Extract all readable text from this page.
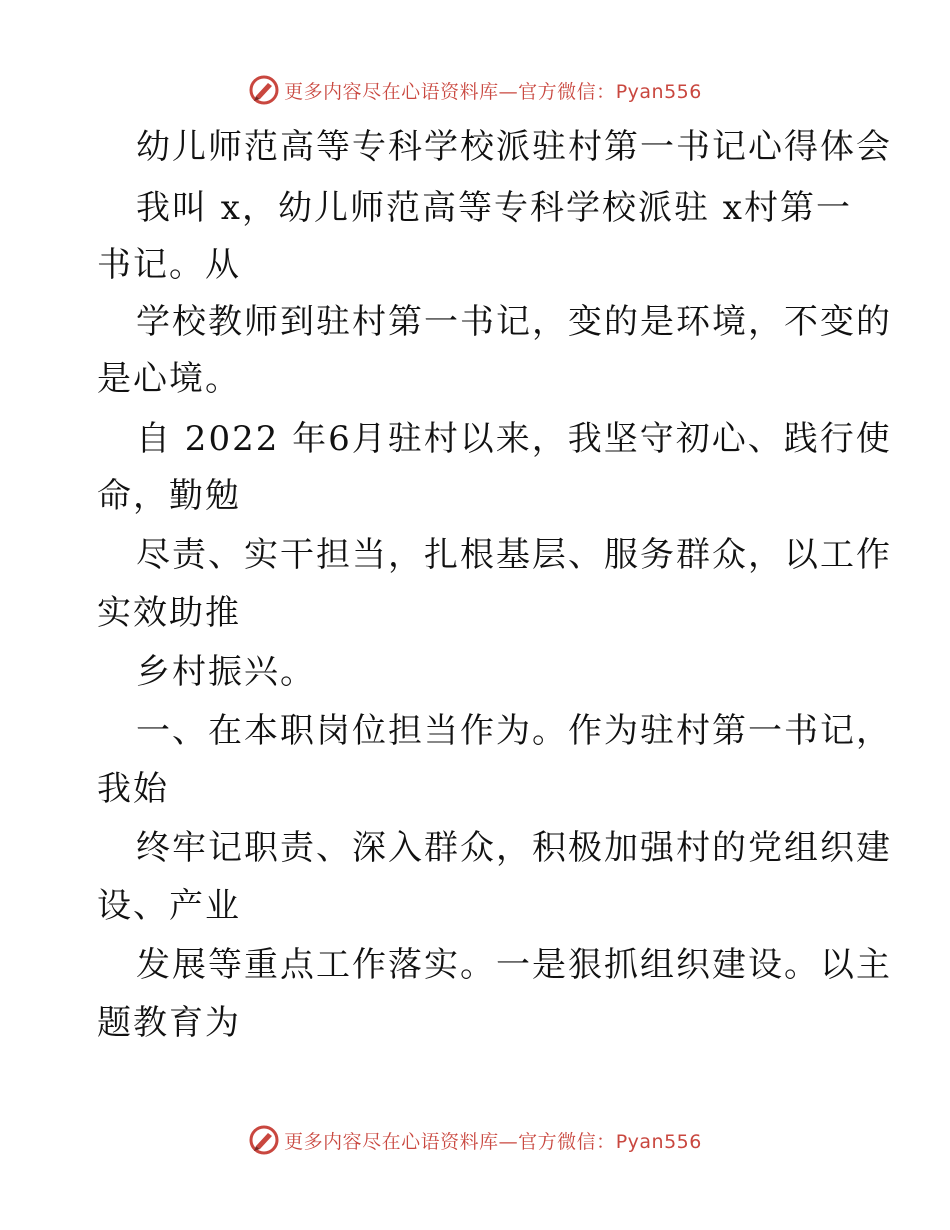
更多内容尽在心语资料库—官方微信：Pyan556
幼儿师范高等专科学校派驻村第一书记心得体会
我叫 x，幼儿师范高等专科学校派驻 x村第一
书记。从
学校教师到驻村第一书记，变的是环境，不变的
是心境。
自 2022 年6月驻村以来，我坚守初心、践行使
命，勤勉
尽责、实干担当，扎根基层、服务群众，以工作
实效助推
乡村振兴。
一、在本职岗位担当作为。作为驻村第一书记，
我始
终牢记职责、深入群众，积极加强村的党组织建
设、产业
发展等重点工作落实。一是狠抓组织建设。以主
题教育为
更多内容尽在心语资料库—官方微信：Pyan556
